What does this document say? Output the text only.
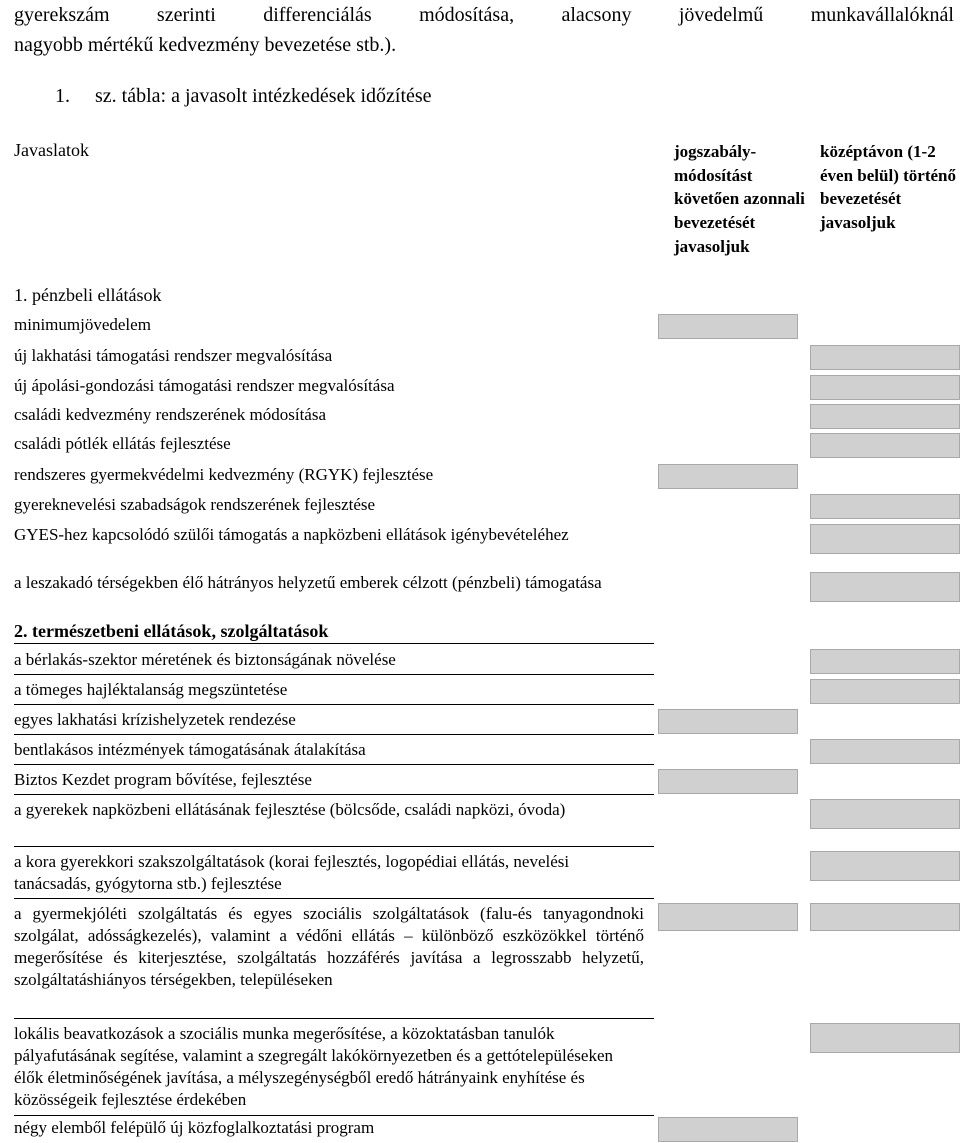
gyerekszám szerinti differenciálás módosítása, alacsony jövedelmű munkavállalóknál
nagyobb mértékű kedvezmény bevezetése stb.).
1. sz. tábla: a javasolt intézkedések időzítése
Javaslatok	jogszabály-módosítást követően azonnali bevezetését javasoljuk
középtávon (1-2 éven belül) történő bevezetését javasoljuk
1. pénzbeli ellátások
minimumjövedelem
új lakhatási támogatási rendszer megvalósítása
új ápolási-gondozási támogatási rendszer megvalósítása
családi kedvezmény rendszerének módosítása
családi pótlék ellátás fejlesztése
rendszeres gyermekvédelmi kedvezmény (RGYK) fejlesztése
gyereknevelési szabadságok rendszerének fejlesztése
GYES-hez kapcsolódó szülői támogatás a napközbeni ellátások igénybevételéhez
a leszakadó térségekben élő hátrányos helyzetű emberek célzott (pénzbeli) támogatása
2. természetbeni ellátások, szolgáltatások
a bérlakás-szektor méretének és biztonságának növelése
a tömeges hajléktalanság megszüntetése
egyes lakhatási krízishelyzetek rendezése
bentlakásos intézmények támogatásának átalakítása
Biztos Kezdet program bővítése, fejlesztése
a gyerekek napközbeni ellátásának fejlesztése (bölcsőde, családi napközi, óvoda)
a kora gyerekkori szakszolgáltatások (korai fejlesztés, logopédiai ellátás, nevelési tanácsadás, gyógytorna stb.) fejlesztése
a gyermekjóléti szolgáltatás és egyes szociális szolgáltatások (falu-és tanyagondnoki szolgálat, adósságkezelés), valamint a védőni ellátás – különböző eszközökkel történő megerősítése és kiterjesztése, szolgáltatás hozzáférés javítása a legrosszabb helyzetű, szolgáltatáshiányos térségekben, településeken
lokális beavatkozások a szociális munka megerősítése, a közoktatásban tanulók pályafutásának segítése, valamint a szegregált lakókörnyezetben és a gettótelepüléseken élők életminőségének javítása, a mélyszegénységből eredő hátrányaink enyhítése és közösségeik fejlesztése érdekében
négy elemből felépülő új közfoglalkoztatási program
